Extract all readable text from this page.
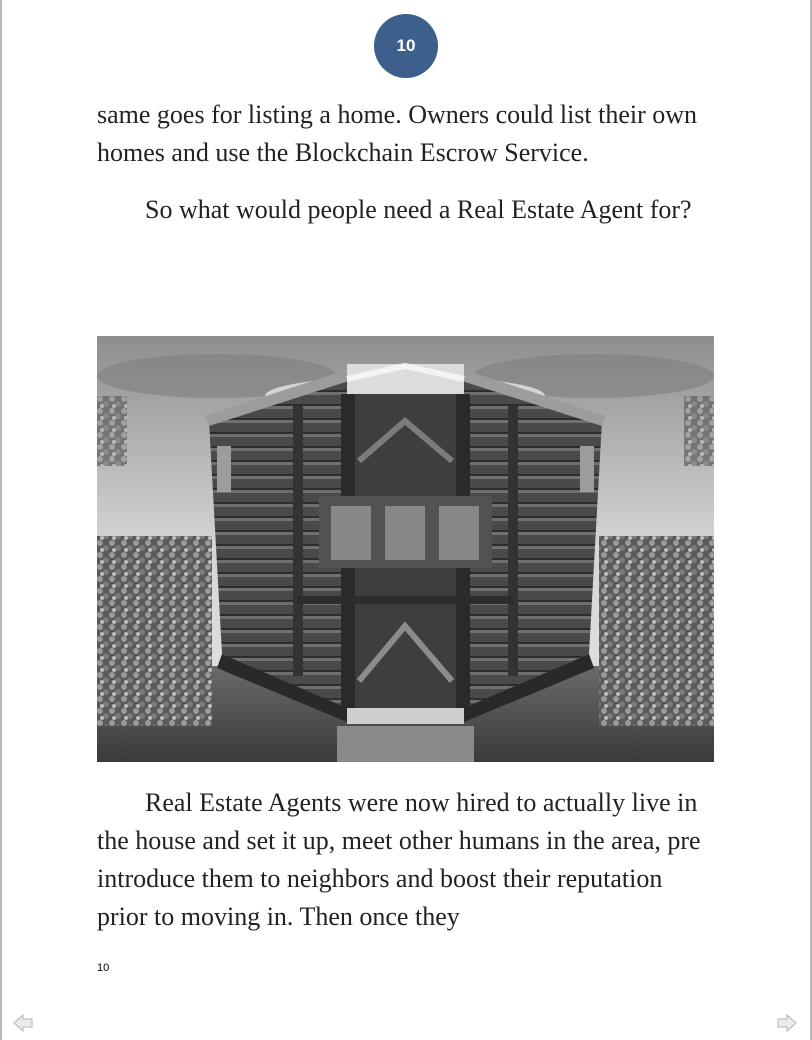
10

same goes for listing a home. Owners could list their own homes and use the Blockchain Escrow Service.

So what would people need a Real Estate Agent for?

Real Estate Agents were now hired to actually live in the house and set it up, meet other humans in the area, pre introduce them to neighbors and boost their reputation prior to moving in. Then once they

10
